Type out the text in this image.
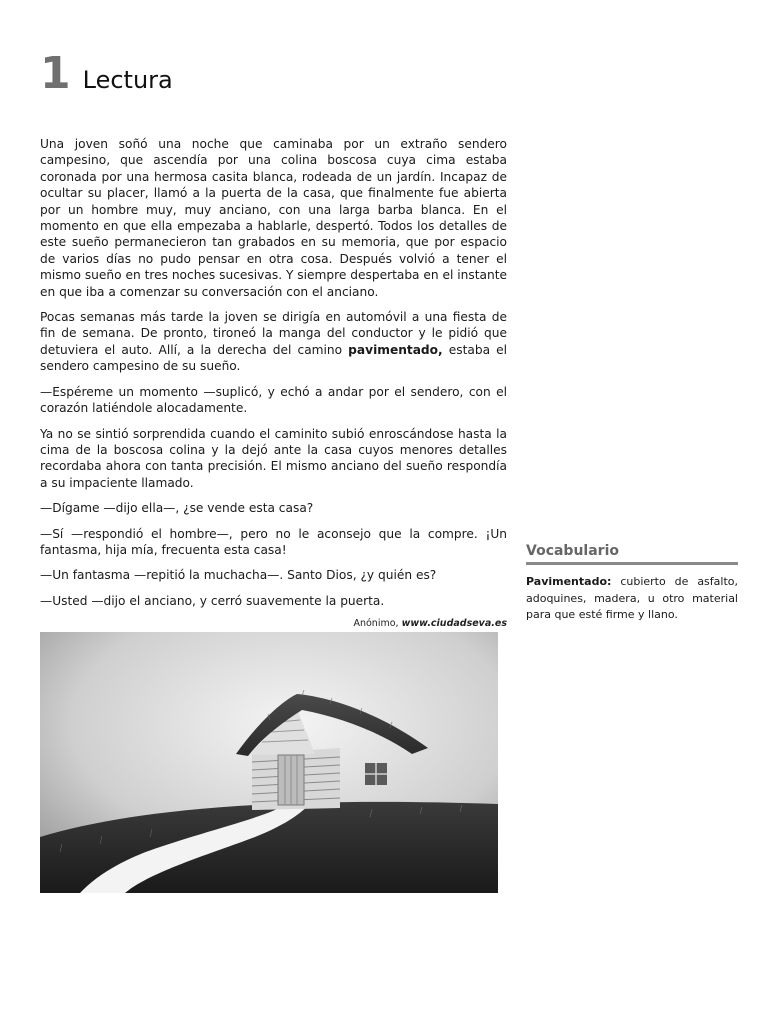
1 Lectura

Una joven soñó una noche que caminaba por un extraño sendero campesino, que ascendía por una colina boscosa cuya cima estaba coronada por una hermosa casita blanca, rodeada de un jardín. Incapaz de ocultar su placer, llamó a la puerta de la casa, que finalmente fue abierta por un hombre muy, muy anciano, con una larga barba blanca. En el momento en que ella empezaba a hablarle, despertó. Todos los detalles de este sueño permanecieron tan grabados en su memoria, que por espacio de varios días no pudo pensar en otra cosa. Después volvió a tener el mismo sueño en tres noches sucesivas. Y siempre despertaba en el instante en que iba a comenzar su conversación con el anciano.

Pocas semanas más tarde la joven se dirigía en automóvil a una fiesta de fin de semana. De pronto, tironeó la manga del conductor y le pidió que detuviera el auto. Allí, a la derecha del camino pavimentado, estaba el sendero campesino de su sueño.

—Espéreme un momento —suplicó, y echó a andar por el sendero, con el corazón latiéndole alocadamente.

Ya no se sintió sorprendida cuando el caminito subió enroscándose hasta la cima de la boscosa colina y la dejó ante la casa cuyos menores detalles recordaba ahora con tanta precisión. El mismo anciano del sueño respondía a su impaciente llamado.

—Dígame —dijo ella—, ¿se vende esta casa?

—Sí —respondió el hombre—, pero no le aconsejo que la compre. ¡Un fantasma, hija mía, frecuenta esta casa!

—Un fantasma —repitió la muchacha—. Santo Dios, ¿y quién es?

—Usted —dijo el anciano, y cerró suavemente la puerta.

Anónimo, www.ciudadseva.es
Vocabulario
Pavimentado: cubierto de asfalto, adoquines, madera, u otro material para que esté firme y llano.
